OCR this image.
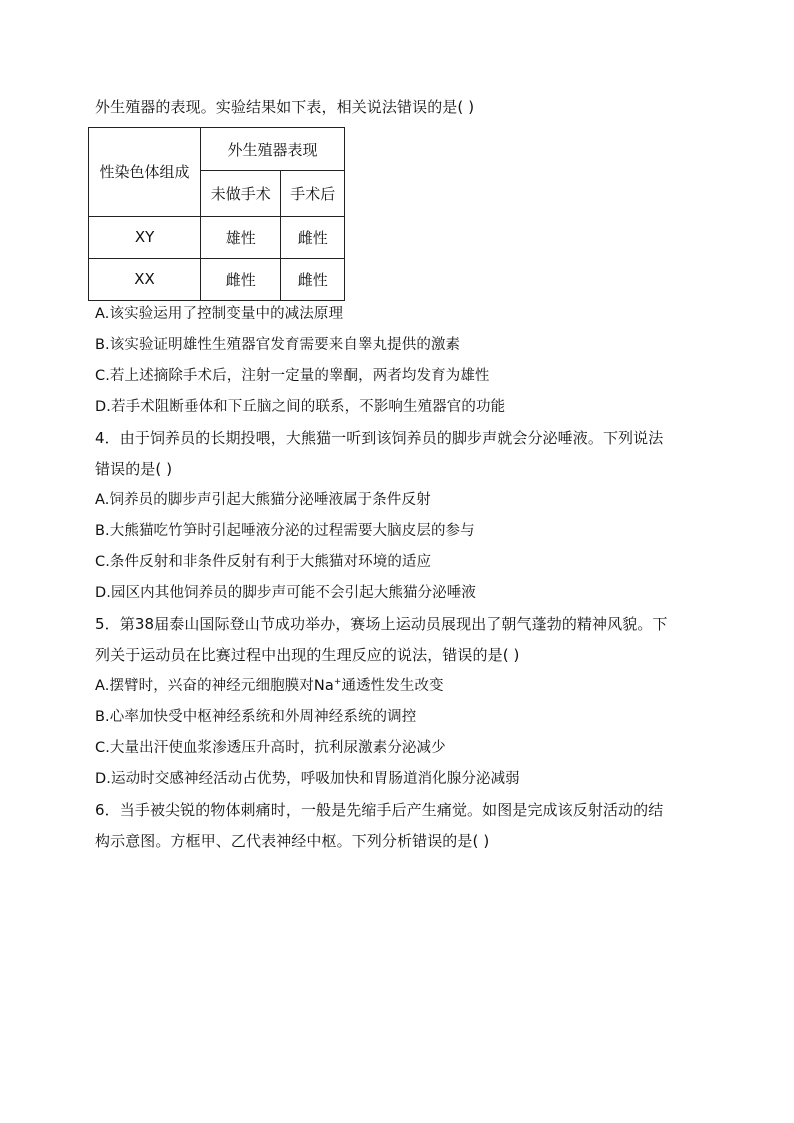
外生殖器的表现。实验结果如下表，相关说法错误的是( )
性染色体组成	外生殖器表现	
	未做手术	手术后
XY	雄性	雌性
XX	雌性	雌性
A.该实验运用了控制变量中的减法原理
B.该实验证明雄性生殖器官发育需要来自睾丸提供的激素
C.若上述摘除手术后，注射一定量的睾酮，两者均发育为雄性
D.若手术阻断垂体和下丘脑之间的联系，不影响生殖器官的功能
4．由于饲养员的长期投喂，大熊猫一听到该饲养员的脚步声就会分泌唾液。下列说法
错误的是( )
A.饲养员的脚步声引起大熊猫分泌唾液属于条件反射
B.大熊猫吃竹笋时引起唾液分泌的过程需要大脑皮层的参与
C.条件反射和非条件反射有利于大熊猫对环境的适应
D.园区内其他饲养员的脚步声可能不会引起大熊猫分泌唾液
5．第38届泰山国际登山节成功举办，赛场上运动员展现出了朝气蓬勃的精神风貌。下
列关于运动员在比赛过程中出现的生理反应的说法，错误的是( )
A.摆臂时，兴奋的神经元细胞膜对Na+通透性发生改变
B.心率加快受中枢神经系统和外周神经系统的调控
C.大量出汗使血浆渗透压升高时，抗利尿激素分泌减少
D.运动时交感神经活动占优势，呼吸加快和胃肠道消化腺分泌减弱
6．当手被尖锐的物体刺痛时，一般是先缩手后产生痛觉。如图是完成该反射活动的结
构示意图。方框甲、乙代表神经中枢。下列分析错误的是( )
